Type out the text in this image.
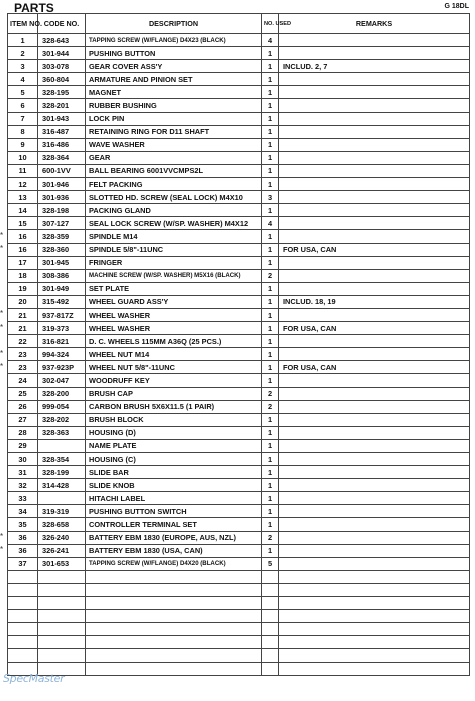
PARTS	G 18DL
ITEM NO.	CODE NO.	DESCRIPTION	NO. USED	REMARKS
1	328-643	TAPPING SCREW (W/FLANGE) D4X23 (BLACK)	4	
2	301-944	PUSHING BUTTON	1	
3	303-078	GEAR COVER ASS'Y	1	INCLUD. 2, 7
4	360-804	ARMATURE AND PINION SET	1	
5	328-195	MAGNET	1	
6	328-201	RUBBER BUSHING	1	
7	301-943	LOCK PIN	1	
8	316-487	RETAINING RING FOR D11 SHAFT	1	
9	316-486	WAVE WASHER	1	
10	328-364	GEAR	1	
11	600-1VV	BALL BEARING 6001VVCMPS2L	1	
12	301-946	FELT PACKING	1	
13	301-936	SLOTTED HD. SCREW (SEAL LOCK) M4X10	3	
14	328-198	PACKING GLAND	1	
15	307-127	SEAL LOCK SCREW (W/SP. WASHER) M4X12	4	
16	328-359	SPINDLE M14	1	
16	328-360	SPINDLE 5/8"-11UNC	1	FOR USA, CAN
17	301-945	FRINGER	1	
18	308-386	MACHINE SCREW (W/SP. WASHER) M5X16 (BLACK)	2	
19	301-949	SET PLATE	1	
20	315-492	WHEEL GUARD ASS'Y	1	INCLUD. 18, 19
21	937-817Z	WHEEL WASHER	1	
21	319-373	WHEEL WASHER	1	FOR USA, CAN
22	316-821	D. C. WHEELS 115MM A36Q (25 PCS.)	1	
23	994-324	WHEEL NUT M14	1	
23	937-923P	WHEEL NUT 5/8"-11UNC	1	FOR USA, CAN
24	302-047	WOODRUFF KEY	1	
25	328-200	BRUSH CAP	2	
26	999-054	CARBON BRUSH 5X6X11.5 (1 PAIR)	2	
27	328-202	BRUSH BLOCK	1	
28	328-363	HOUSING (D)	1	
29		NAME PLATE	1	
30	328-354	HOUSING (C)	1	
31	328-199	SLIDE BAR	1	
32	314-428	SLIDE KNOB	1	
33		HITACHI LABEL	1	
34	319-319	PUSHING BUTTON SWITCH	1	
35	328-658	CONTROLLER TERMINAL SET	1	
36	326-240	BATTERY EBM 1830 (EUROPE, AUS, NZL)	2	
36	326-241	BATTERY EBM 1830 (USA, CAN)	1	
37	301-653	TAPPING SCREW (W/FLANGE) D4X20 (BLACK)	5	

*
*
*
*
*
*
*
*
SpecMaster
